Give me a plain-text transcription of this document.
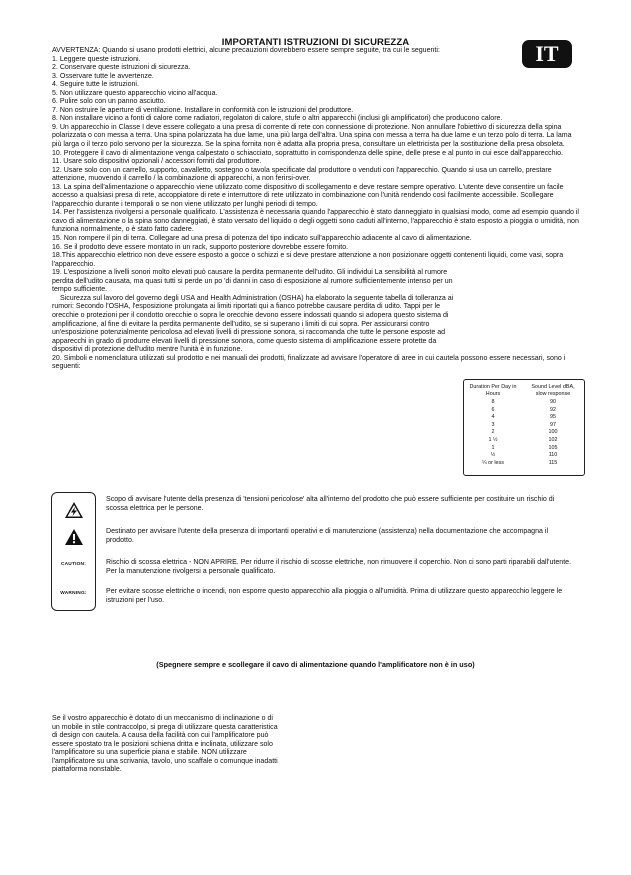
IMPORTANTI ISTRUZIONI DI SICUREZZA	IT

AVVERTENZA: Quando si usano prodotti elettrici, alcune precauzioni dovrebbero essere sempre seguite, tra cui le seguenti:

1. Leggere queste istruzioni.

2. Conservare queste istruzioni di sicurezza.

3. Osservare tutte le avvertenze.

4. Seguire tutte le istruzioni.

5. Non utilizzare questo apparecchio vicino all'acqua.

6. Pulire solo con un panno asciutto.

7. Non ostruire le aperture di ventilazione. Installare in conformità con le istruzioni del produttore.

8. Non installare vicino a fonti di calore come radiatori, regolatori di calore, stufe o altri apparecchi (inclusi gli amplificatori) che producono calore.

9. Un apparecchio in Classe I deve essere collegato a una presa di corrente di rete con connessione di protezione. Non annullare l'obiettivo di sicurezza della spina polarizzata o con messa a terra. Una spina polarizzata ha due lame, una più larga dell'altra. Una spina con messa a terra ha due lame e un terzo polo di terra. La lama più larga o il terzo polo servono per la sicurezza. Se la spina fornita non è adatta alla propria presa, consultare un elettricista per la sostituzione della presa obsoleta.

10. Proteggere il cavo di alimentazione venga calpestato o schiacciato, soprattutto in corrispondenza delle spine, delle prese e al punto in cui esce dall'apparecchio.

11. Usare solo dispositivi opzionali / accessori forniti dal produttore.

12. Usare solo con un carrello, supporto, cavalletto, sostegno o tavola specificate dal produttore o venduti con l'apparecchio. Quando si usa un carrello, prestare attenzione, muovendo il carrello / la combinazione di apparecchi, a non ferirsi-over.

13. La spina dell'alimentazione o apparecchio viene utilizzato come dispositivo di scollegamento e deve restare sempre operativo. L'utente deve consentire un facile accesso a qualsiasi presa di rete, accoppiatore di rete e interruttore di rete utilizzato in combinazione con l'unità rendendo così facilmente accessibile. Scollegare l'apparecchio durante i temporali o se non viene utilizzato per lunghi periodi di tempo.

14. Per l'assistenza rivolgersi a personale qualificato. L'assistenza è necessaria quando l'apparecchio è stato danneggiato in qualsiasi modo, come ad esempio quando il cavo di alimentazione o la spina sono danneggiati, è stato versato del liquido o degli oggetti sono caduti all'interno, l'apparecchio è stato esposto a pioggia o umidità, non funziona normalmente, o è stato fatto cadere.

15. Non rompere il pin di terra. Collegare ad una presa di potenza del tipo indicato sull'apparecchio adiacente al cavo di alimentazione.

16. Se il prodotto deve essere montato in un rack, supporto posteriore dovrebbe essere fornito.

18.This apparecchio elettrico non deve essere esposto a gocce o schizzi e si deve prestare attenzione a non posizionare oggetti contenenti liquidi, come vasi, sopra l'apparecchio.

19. L'esposizione a livelli sonori molto elevati può causare la perdita permanente dell'udito. Gli individui La sensibilità al rumore perdita dell'udito causata, ma quasi tutti si perde un po 'di danni in caso di esposizione al rumore sufficientemente intenso per un tempo sufficiente.

Sicurezza sul lavoro del governo degli USA and Health Administration (OSHA) ha elaborato la seguente tabella di tolleranza ai rumori: Secondo l'OSHA, l'esposizione prolungata ai limiti riportati qui a fianco potrebbe causare perdita di udito. Tappi per le orecchie o protezioni per il condotto orecchie o sopra le orecchie devono essere indossati quando si adopera questo sistema di amplificazione, al fine di evitare la perdita permanente dell'udito, se si superano i limiti di cui sopra. Per assicurarsi contro un'esposizione potenzialmente pericolosa ad elevati livelli di pressione sonora, si raccomanda che tutte le persone esposte ad apparecchi in grado di produrre elevati livelli di pressione sonora, come questo sistema di amplificazione essere protette da dispositivi di protezione dell'udito mentre l'unità è in funzione.

20. Simboli e nomenclatura utilizzati sul prodotto e nei manuali dei prodotti, finalizzate ad avvisare l'operatore di aree in cui cautela possono essere necessari, sono i seguenti:

Duration Per Day in Hours
8
6
4
3
2
1 ½
1
½
¼ or less
Sound Level dBA, slow response
90
92
95
97
100
102
105
110
115
CAUTION:
WARNING:

Scopo di avvisare l'utente della presenza di 'tensioni pericolose' alta all'interno del prodotto che può essere sufficiente per costituire un rischio di scossa elettrica per le persone.

Destinato per avvisare l'utente della presenza di importanti operativi e di manutenzione (assistenza) nella documentazione che accompagna il prodotto.

Rischio di scossa elettrica - NON APRIRE. Per ridurre il rischio di scosse elettriche, non rimuovere il coperchio. Non ci sono parti riparabili dall'utente. Per la manutenzione rivolgersi a personale qualificato.

Per evitare scosse elettriche o incendi, non esporre questo apparecchio alla pioggia o all'umidità. Prima di utilizzare questo apparecchio leggere le istruzioni per l'uso.

(Spegnere sempre e scollegare il cavo di alimentazione quando l'amplificatore non è in uso)

Se il vostro apparecchio è dotato di un meccanismo di inclinazione o di un mobile in stile contraccolpo, si prega di utilizzare questa caratteristica di design con cautela. A causa della facilità con cui l'amplificatore può essere spostato tra le posizioni schiena dritta e inclinata, utilizzare solo l'amplificatore su una superficie piana e stabile. NON utilizzare l'amplificatore su una scrivania, tavolo, uno scaffale o comunque inadatti piattaforma nonstable.
